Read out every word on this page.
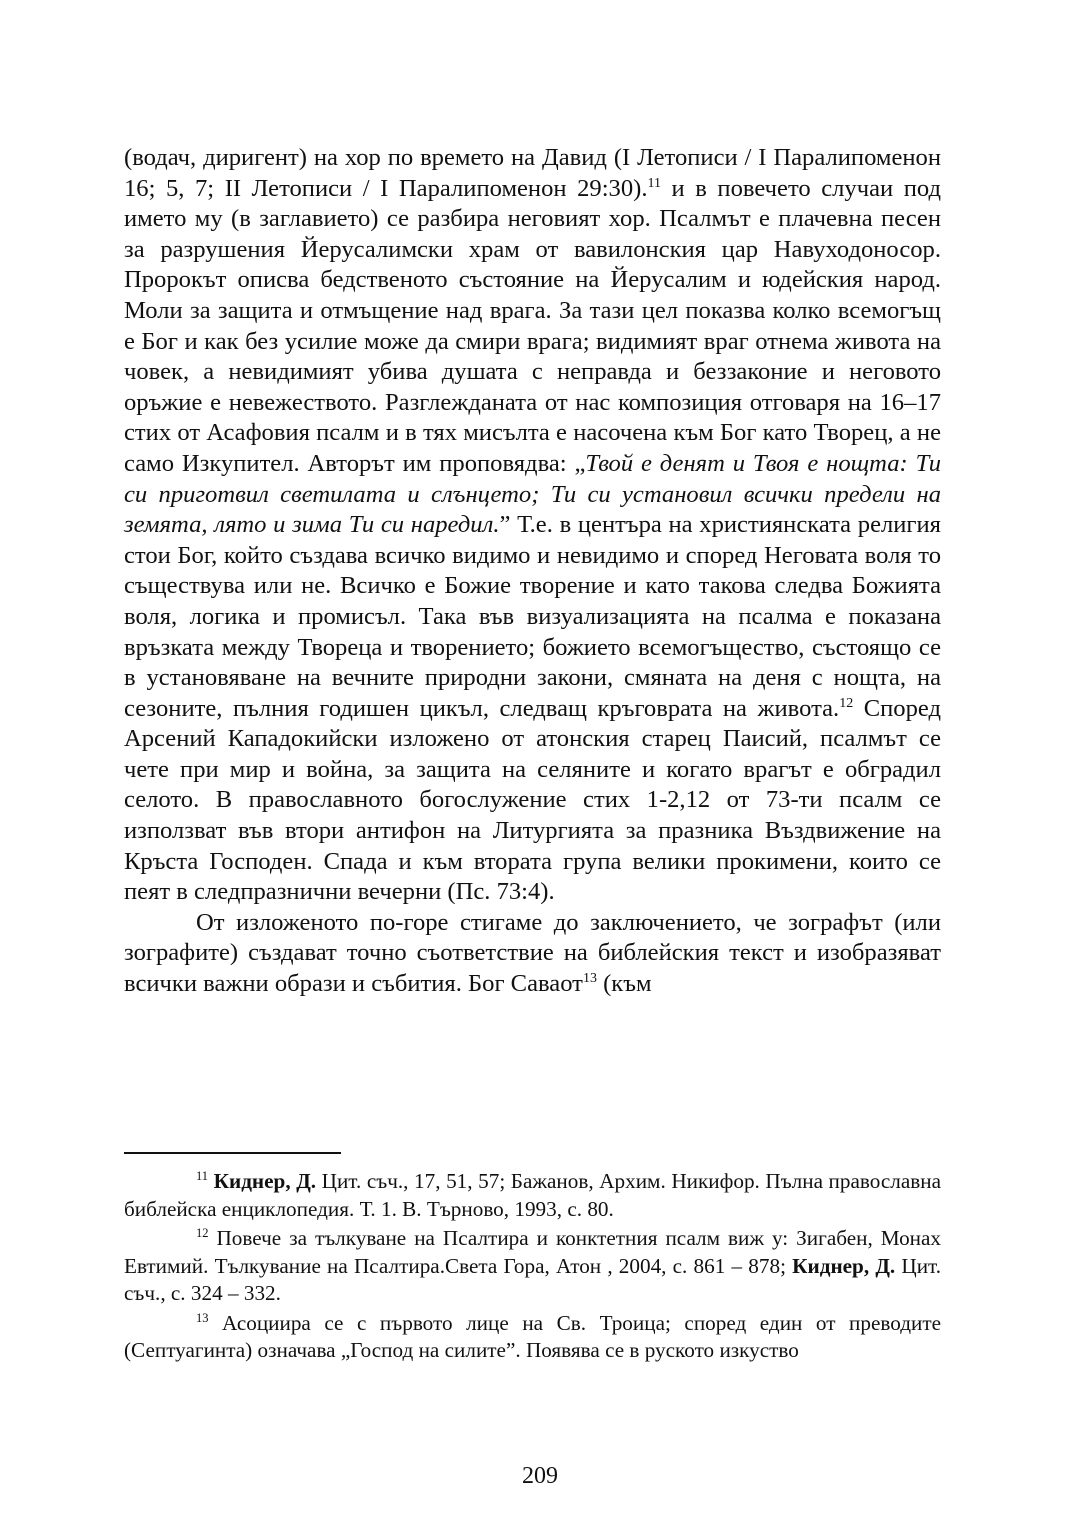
(водач, диригент) на хор по времето на Давид (I Летописи / I Паралипоменон 16; 5, 7; II Летописи / I Паралипоменон 29:30).$^{11}$ и в повечето случаи под името му (в заглавието) се разбира неговият хор. Псалмът е плачевна песен за разрушения Йерусалимски храм от вавилонския цар Навуходоносор. Пророкът описва бедственото състояние на Йерусалим и юдейския народ. Моли за защита и отмъщение над врага. За тази цел показва колко всемогъщ е Бог и как без усилие може да смири врага; видимият враг отнема живота на човек, а невидимият убива душата с неправда и беззаконие и неговото оръжие е невежеството. Разглежданата от нас композиция отговаря на 16–17 стих от Асафовия псалм и в тях мисълта е насочена към Бог като Творец, а не само Изкупител. Авторът им проповядва: „Твой е денят и Твоя е нощта: Ти си приготвил светилата и слънцето; Ти си установил всички предели на земята, лято и зима Ти си наредил.” Т.е. в центъра на християнската религия стои Бог, който създава всичко видимо и невидимо и според Неговата воля то съществува или не. Всичко е Божие творение и като такова следва Божията воля, логика и промисъл. Така във визуализацията на псалма е показана връзката между Твореца и творението; божието всемогъщество, състоящо се в установяване на вечните природни закони, смяната на деня с нощта, на сезоните, пълния годишен цикъл, следващ кръговрата на живота.$^{12}$ Според Арсений Кападокийски изложено от атонския старец Паисий, псалмът се чете при мир и война, за защита на селяните и когато врагът е обградил селото. В православното богослужение стих 1-2,12 от 73-ти псалм се използват във втори антифон на Литургията за празника Въздвижение на Кръста Господен. Спада и към втората група велики прокимени, които се пеят в следпразнични вечерни (Пс. 73:4).

От изложеното по-горе стигаме до заключението, че зографът (или зографите) създават точно съответствие на библейския текст и изобразяват всички важни образи и събития. Бог Саваот$^{13}$ (към

$^{11}$ Киднер, Д. Цит. съч., 17, 51, 57; Бажанов, Архим. Никифор. Пълна православна библейска енциклопедия. Т. 1. В. Търново, 1993, с. 80.

$^{12}$ Повече за тълкуване на Псалтира и конктетния псалм виж у: Зигабен, Монах Евтимий. Тълкувание на Псалтира.Света Гора, Атон , 2004, с. 861 – 878; Киднер, Д. Цит. съч., с. 324 – 332.

$^{13}$ Асоциира се с първото лице на Св. Троица; според един от преводите (Септуагинта) означава „Господ на силите”. Появява се в руското изкуство

209
